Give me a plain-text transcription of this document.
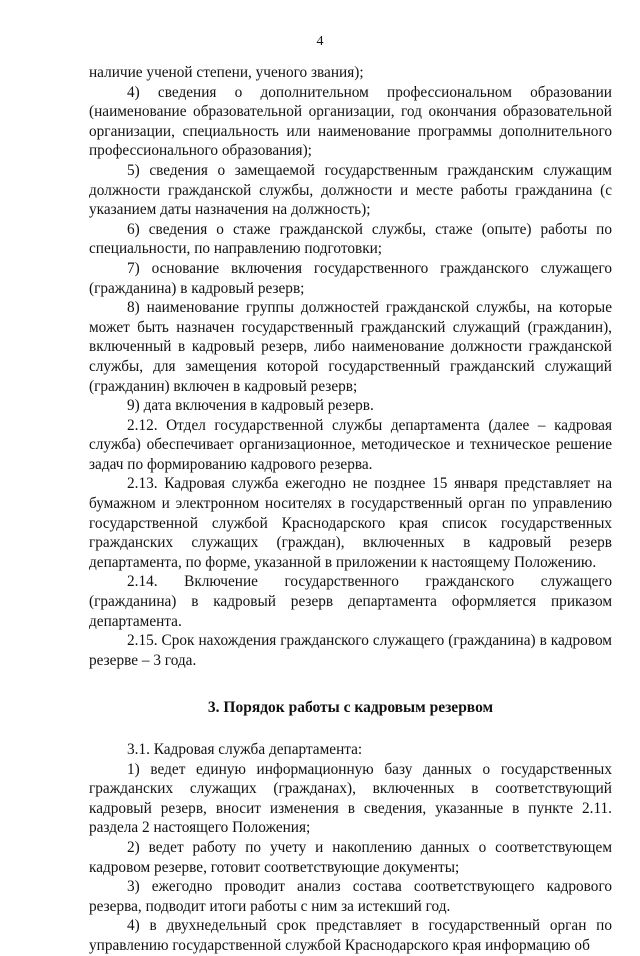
4

наличие ученой степени, ученого звания);

4) сведения о дополнительном профессиональном образовании (наименование образовательной организации, год окончания образовательной организации, специальность или наименование программы дополнительного профессионального образования);

5) сведения о замещаемой государственным гражданским служащим должности гражданской службы, должности и месте работы гражданина (с указанием даты назначения на должность);

6) сведения о стаже гражданской службы, стаже (опыте) работы по специальности, по направлению подготовки;

7) основание включения государственного гражданского служащего (гражданина) в кадровый резерв;

8) наименование группы должностей гражданской службы, на которые может быть назначен государственный гражданский служащий (гражданин), включенный в кадровый резерв, либо наименование должности гражданской службы, для замещения которой государственный гражданский служащий (гражданин) включен в кадровый резерв;

9) дата включения в кадровый резерв.

2.12. Отдел государственной службы департамента (далее – кадровая служба) обеспечивает организационное, методическое и техническое решение задач по формированию кадрового резерва.

2.13. Кадровая служба ежегодно не позднее 15 января представляет на бумажном и электронном носителях в государственный орган по управлению государственной службой Краснодарского края список государственных гражданских служащих (граждан), включенных в кадровый резерв департамента, по форме, указанной в приложении к настоящему Положению.

2.14. Включение государственного гражданского служащего (гражданина) в кадровый резерв департамента оформляется приказом департамента.

2.15. Срок нахождения гражданского служащего (гражданина) в кадровом резерве – 3 года.

3. Порядок работы с кадровым резервом

3.1. Кадровая служба департамента:

1) ведет единую информационную базу данных о государственных гражданских служащих (гражданах), включенных в соответствующий кадровый резерв, вносит изменения в сведения, указанные в пункте 2.11. раздела 2 настоящего Положения;

2) ведет работу по учету и накоплению данных о соответствующем кадровом резерве, готовит соответствующие документы;

3) ежегодно проводит анализ состава соответствующего кадрового резерва, подводит итоги работы с ним за истекший год.

4) в двухнедельный срок представляет в государственный орган по управлению государственной службой Краснодарского края информацию об
